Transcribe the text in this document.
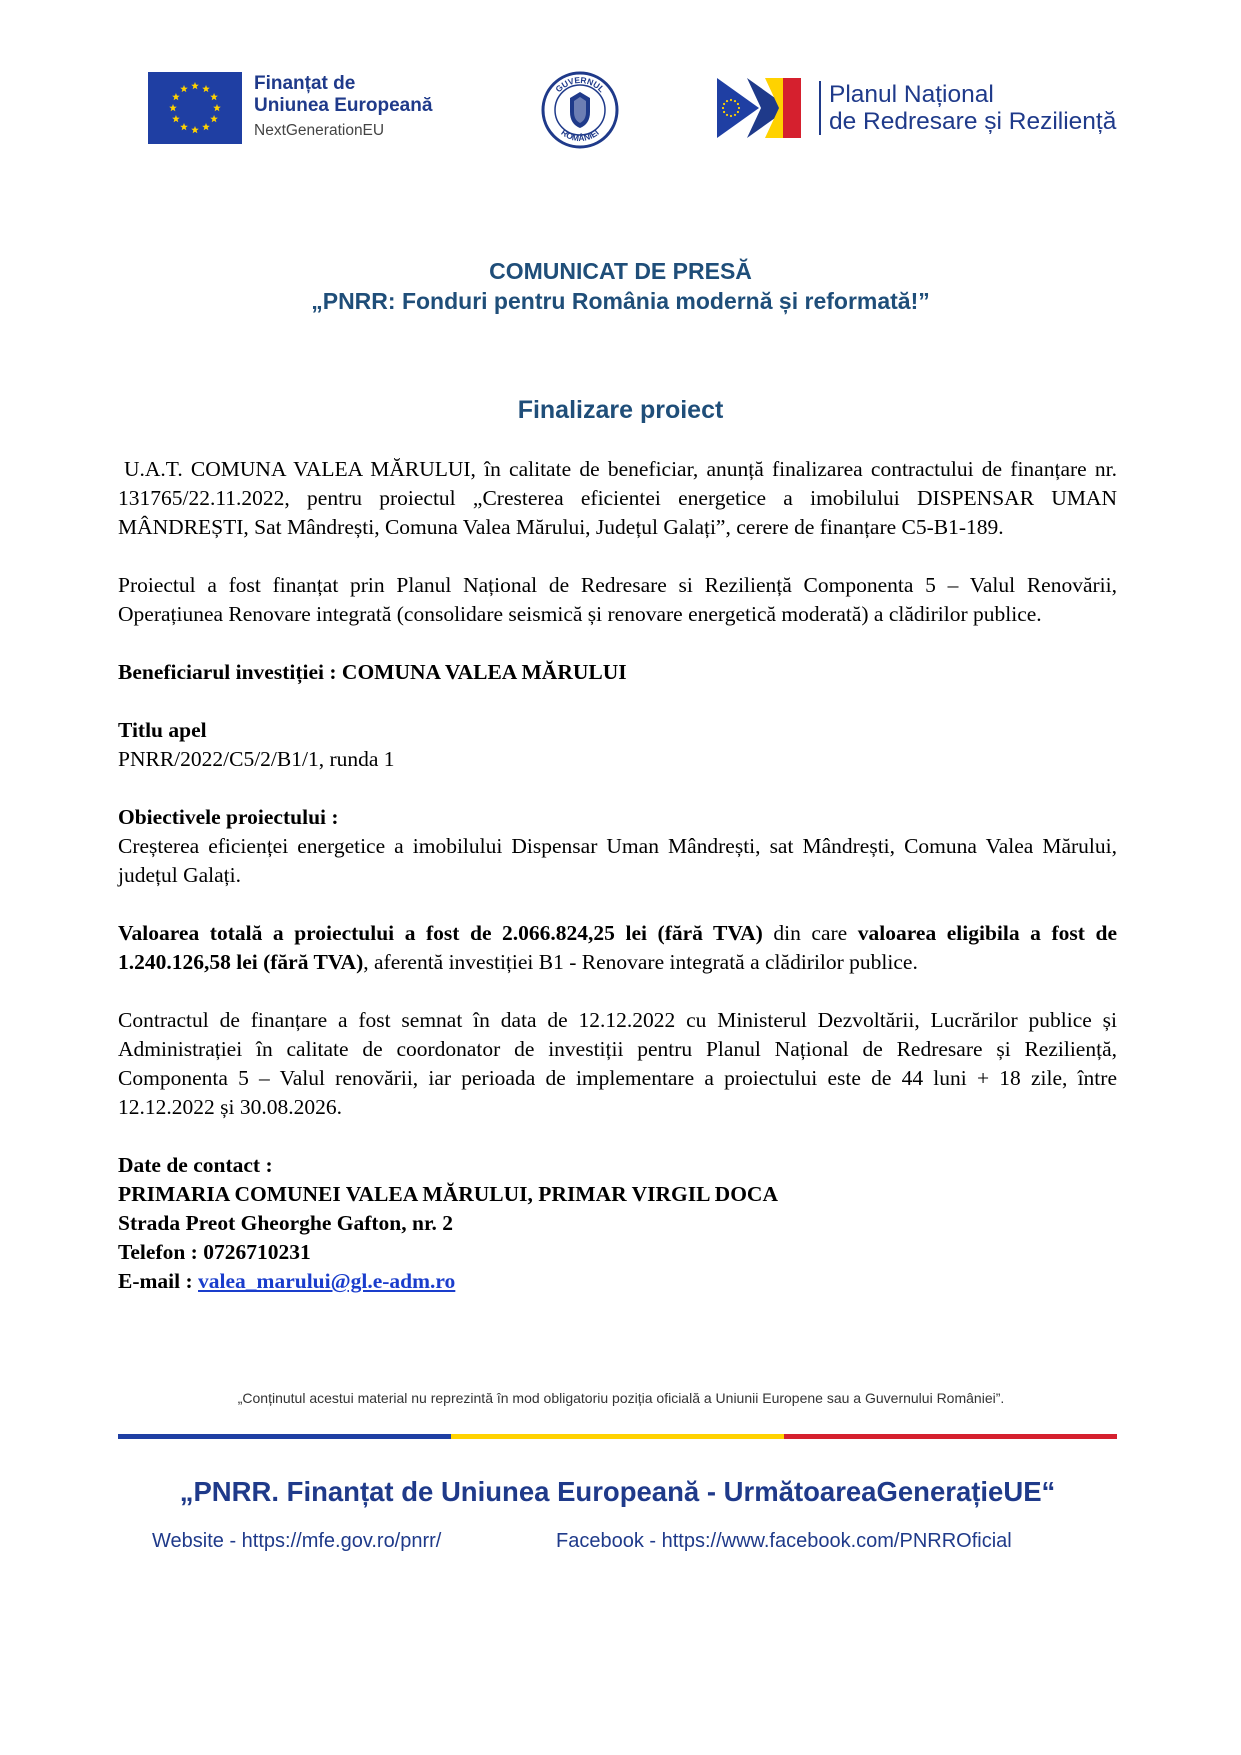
Finanțat de
Uniunea Europeană
NextGenerationEU
GUVERNUL
ROMÂNIEI
Planul Național
de Redresare și Reziliență
COMUNICAT DE PRESĂ
„PNRR: Fonduri pentru România modernă și reformată!”
Finalizare proiect

U.A.T. COMUNA VALEA MĂRULUI, în calitate de beneficiar, anunță finalizarea contractului de finanțare nr. 131765/22.11.2022, pentru proiectul „Cresterea eficientei energetice a imobilului DISPENSAR UMAN MÂNDREȘTI, Sat Mândrești, Comuna Valea Mărului, Județul Galați”, cerere de finanțare C5-B1-189.

Proiectul a fost finanțat prin Planul Național de Redresare si Reziliență Componenta 5 – Valul Renovării, Operațiunea Renovare integrată (consolidare seismică și renovare energetică moderată) a clădirilor publice.

Beneficiarul investiției : COMUNA VALEA MĂRULUI

Titlu apel

PNRR/2022/C5/2/B1/1, runda 1

Obiectivele proiectului :

Creșterea eficienței energetice a imobilului Dispensar Uman Mândrești, sat Mândrești, Comuna Valea Mărului, județul Galați.

Valoarea totală a proiectului a fost de 2.066.824,25 lei (fără TVA) din care valoarea eligibila a fost de 1.240.126,58 lei (fără TVA), aferentă investiției B1 - Renovare integrată a clădirilor publice.

Contractul de finanțare a fost semnat în data de 12.12.2022 cu Ministerul Dezvoltării, Lucrărilor publice și Administrației în calitate de coordonator de investiții pentru Planul Național de Redresare și Reziliență, Componenta 5 – Valul renovării, iar perioada de implementare a proiectului este de 44 luni + 18 zile, între 12.12.2022 și 30.08.2026.

Date de contact :

PRIMARIA COMUNEI VALEA MĂRULUI, PRIMAR VIRGIL DOCA

Strada Preot Gheorghe Gafton, nr. 2

Telefon : 0726710231

E-mail : valea_marului@gl.e-adm.ro

„Conținutul acestui material nu reprezintă în mod obligatoriu poziția oficială a Uniunii Europene sau a Guvernului României”.
„PNRR. Finanțat de Uniunea Europeană - UrmătoareaGenerațieUE“
Website - https://mfe.gov.ro/pnrr/	Facebook - https://www.facebook.com/PNRROficial
